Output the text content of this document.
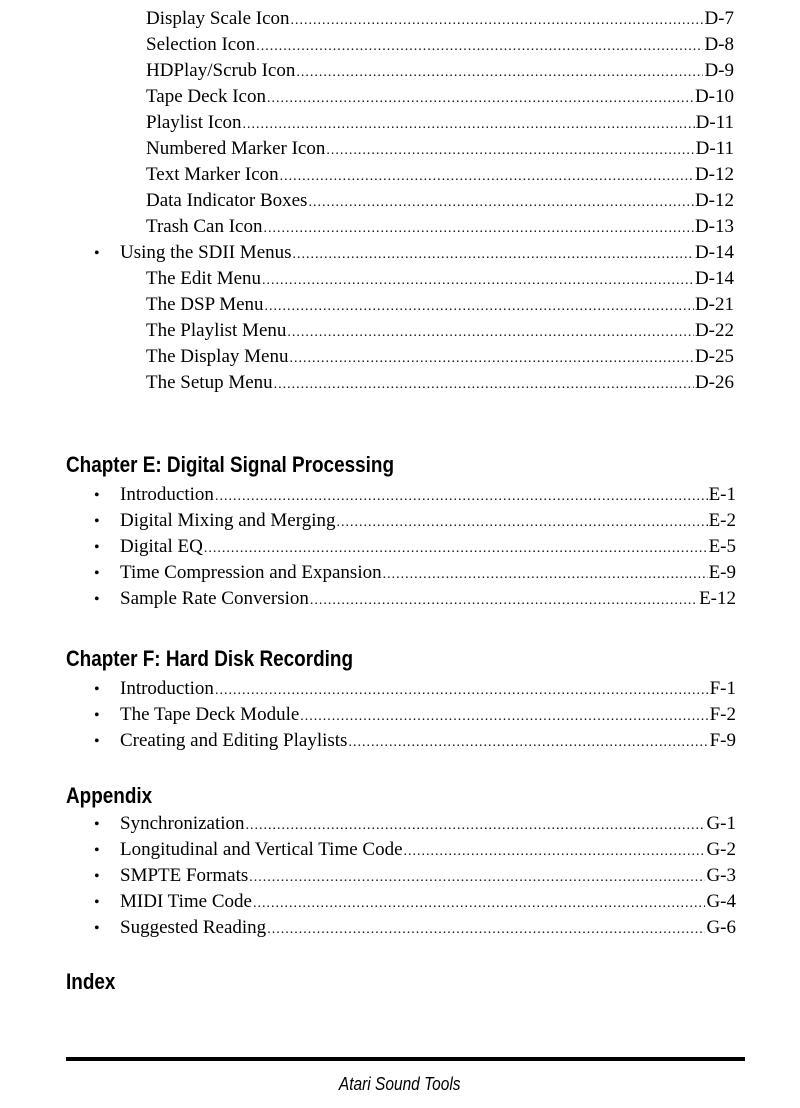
Display Scale Icon .....	D-7
Selection Icon .....	D-8
HDPlay/Scrub Icon .....	D-9
Tape Deck Icon .....	D-10
Playlist Icon .....	D-11
Numbered Marker Icon .....	D-11
Text Marker Icon .....	D-12
Data Indicator Boxes .....	D-12
Trash Can Icon .....	D-13
•	Using the SDII Menus .....	D-14
The Edit Menu .....	D-14
The DSP Menu .....	D-21
The Playlist Menu .....	D-22
The Display Menu .....	D-25
The Setup Menu .....	D-26
Chapter E: Digital Signal Processing
•	Introduction .....	E-1
•	Digital Mixing and Merging .....	E-2
•	Digital EQ .....	E-5
•	Time Compression and Expansion .....	E-9
•	Sample Rate Conversion .....	E-12
Chapter F: Hard Disk Recording
•	Introduction .....	F-1
•	The Tape Deck Module .....	F-2
•	Creating and Editing Playlists .....	F-9
Appendix
•	Synchronization .....	G-1
•	Longitudinal and Vertical Time Code .....	G-2
•	SMPTE Formats .....	G-3
•	MIDI Time Code .....	G-4
•	Suggested Reading .....	G-6
Index
Atari Sound Tools
